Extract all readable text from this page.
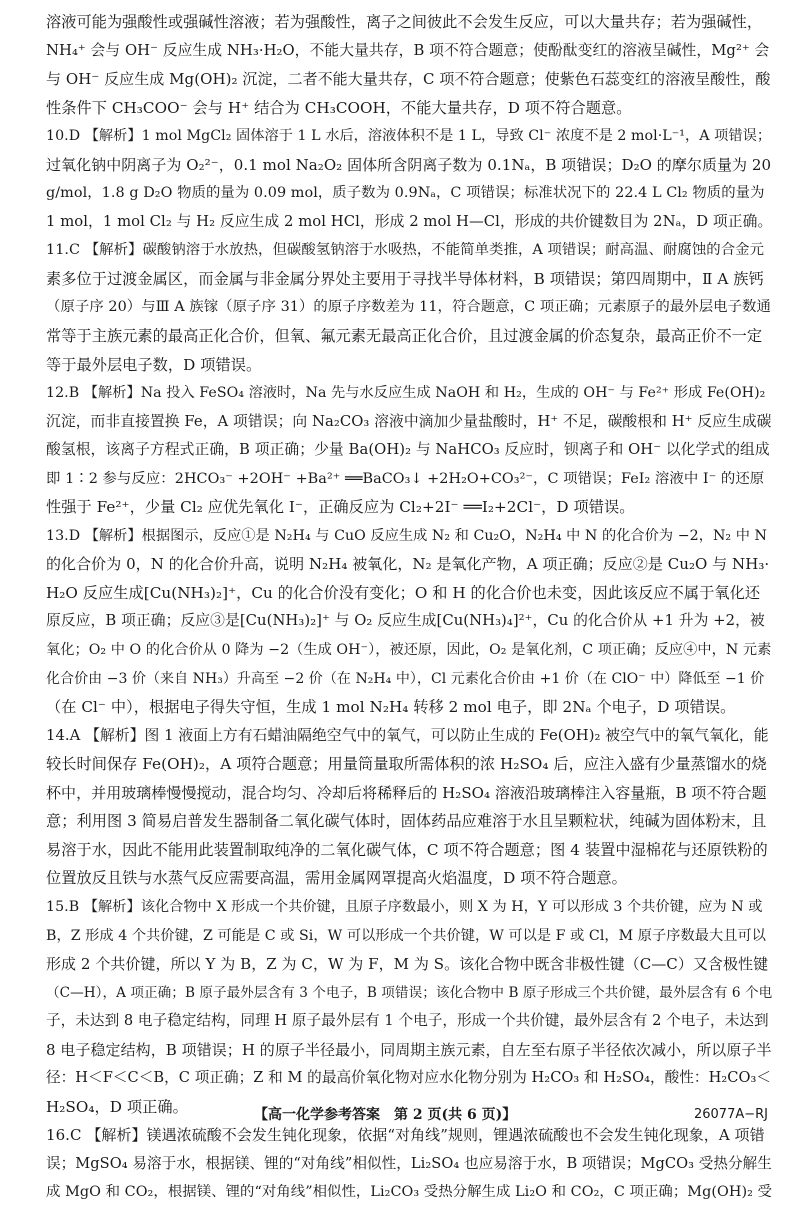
溶液可能为强酸性或强碱性溶液；若为强酸性，离子之间彼此不会发生反应，可以大量共存；若为强碱性，
NH₄⁺ 会与 OH⁻ 反应生成 NH₃·H₂O，不能大量共存，B 项不符合题意；使酚酞变红的溶液呈碱性，Mg²⁺ 会
与 OH⁻ 反应生成 Mg(OH)₂ 沉淀，二者不能大量共存，C 项不符合题意；使紫色石蕊变红的溶液呈酸性，酸
性条件下 CH₃COO⁻ 会与 H⁺ 结合为 CH₃COOH，不能大量共存，D 项不符合题意。
10.D 【解析】1 mol MgCl₂ 固体溶于 1 L 水后，溶液体积不是 1 L，导致 Cl⁻ 浓度不是 2 mol·L⁻¹，A 项错误；
过氧化钠中阴离子为 O₂²⁻，0.1 mol Na₂O₂ 固体所含阴离子数为 0.1Nₐ，B 项错误；D₂O 的摩尔质量为 20
g/mol，1.8 g D₂O 物质的量为 0.09 mol，质子数为 0.9Nₐ，C 项错误；标准状况下的 22.4 L Cl₂ 物质的量为
1 mol，1 mol Cl₂ 与 H₂ 反应生成 2 mol HCl，形成 2 mol H—Cl，形成的共价键数目为 2Nₐ，D 项正确。
11.C 【解析】碳酸钠溶于水放热，但碳酸氢钠溶于水吸热，不能简单类推，A 项错误；耐高温、耐腐蚀的合金元
素多位于过渡金属区，而金属与非金属分界处主要用于寻找半导体材料，B 项错误；第四周期中，Ⅱ A 族钙
（原子序 20）与Ⅲ A 族镓（原子序 31）的原子序数差为 11，符合题意，C 项正确；元素原子的最外层电子数通
常等于主族元素的最高正化合价，但氧、氟元素无最高正化合价，且过渡金属的价态复杂，最高正价不一定
等于最外层电子数，D 项错误。
12.B 【解析】Na 投入 FeSO₄ 溶液时，Na 先与水反应生成 NaOH 和 H₂，生成的 OH⁻ 与 Fe²⁺ 形成 Fe(OH)₂
沉淀，而非直接置换 Fe，A 项错误；向 Na₂CO₃ 溶液中滴加少量盐酸时，H⁺ 不足，碳酸根和 H⁺ 反应生成碳
酸氢根，该离子方程式正确，B 项正确；少量 Ba(OH)₂ 与 NaHCO₃ 反应时，钡离子和 OH⁻ 以化学式的组成
即 1∶2 参与反应：2HCO₃⁻ +2OH⁻ +Ba²⁺ ══BaCO₃↓ +2H₂O+CO₃²⁻，C 项错误；FeI₂ 溶液中 I⁻ 的还原
性强于 Fe²⁺，少量 Cl₂ 应优先氧化 I⁻，正确反应为 Cl₂+2I⁻ ══I₂+2Cl⁻，D 项错误。
13.D 【解析】根据图示，反应①是 N₂H₄ 与 CuO 反应生成 N₂ 和 Cu₂O，N₂H₄ 中 N 的化合价为 −2，N₂ 中 N
的化合价为 0，N 的化合价升高，说明 N₂H₄ 被氧化，N₂ 是氧化产物，A 项正确；反应②是 Cu₂O 与 NH₃·
H₂O 反应生成[Cu(NH₃)₂]⁺，Cu 的化合价没有变化；O 和 H 的化合价也未变，因此该反应不属于氧化还
原反应，B 项正确；反应③是[Cu(NH₃)₂]⁺ 与 O₂ 反应生成[Cu(NH₃)₄]²⁺，Cu 的化合价从 +1 升为 +2，被
氧化；O₂ 中 O 的化合价从 0 降为 −2（生成 OH⁻），被还原，因此，O₂ 是氧化剂，C 项正确；反应④中，N 元素
化合价由 −3 价（来自 NH₃）升高至 −2 价（在 N₂H₄ 中），Cl 元素化合价由 +1 价（在 ClO⁻ 中）降低至 −1 价
（在 Cl⁻ 中），根据电子得失守恒，生成 1 mol N₂H₄ 转移 2 mol 电子，即 2Nₐ 个电子，D 项错误。
14.A 【解析】图 1 液面上方有石蜡油隔绝空气中的氧气，可以防止生成的 Fe(OH)₂ 被空气中的氧气氧化，能
较长时间保存 Fe(OH)₂，A 项符合题意；用量筒量取所需体积的浓 H₂SO₄ 后，应注入盛有少量蒸馏水的烧
杯中，并用玻璃棒慢慢搅动，混合均匀、冷却后将稀释后的 H₂SO₄ 溶液沿玻璃棒注入容量瓶，B 项不符合题
意；利用图 3 简易启普发生器制备二氧化碳气体时，固体药品应难溶于水且呈颗粒状，纯碱为固体粉末，且
易溶于水，因此不能用此装置制取纯净的二氧化碳气体，C 项不符合题意；图 4 装置中湿棉花与还原铁粉的
位置放反且铁与水蒸气反应需要高温，需用金属网罩提高火焰温度，D 项不符合题意。
15.B 【解析】该化合物中 X 形成一个共价键，且原子序数最小，则 X 为 H，Y 可以形成 3 个共价键，应为 N 或
B，Z 形成 4 个共价键，Z 可能是 C 或 Si，W 可以形成一个共价键，W 可以是 F 或 Cl，M 原子序数最大且可以
形成 2 个共价键，所以 Y 为 B，Z 为 C，W 为 F，M 为 S。该化合物中既含非极性键（C—C）又含极性键
（C—H），A 项正确；B 原子最外层含有 3 个电子，B 项错误；该化合物中 B 原子形成三个共价键，最外层含有 6 个电
子，未达到 8 电子稳定结构，同理 H 原子最外层有 1 个电子，形成一个共价键，最外层含有 2 个电子，未达到
8 电子稳定结构，B 项错误；H 的原子半径最小，同周期主族元素，自左至右原子半径依次减小，所以原子半
径：H＜F＜C＜B，C 项正确；Z 和 M 的最高价氧化物对应水化物分别为 H₂CO₃ 和 H₂SO₄，酸性：H₂CO₃＜
H₂SO₄，D 项正确。
16.C 【解析】镁遇浓硫酸不会发生钝化现象，依据“对角线”规则，锂遇浓硫酸也不会发生钝化现象，A 项错
误；MgSO₄ 易溶于水，根据镁、锂的“对角线”相似性，Li₂SO₄ 也应易溶于水，B 项错误；MgCO₃ 受热分解生
成 MgO 和 CO₂，根据镁、锂的“对角线”相似性，Li₂CO₃ 受热分解生成 Li₂O 和 CO₂，C 项正确；Mg(OH)₂ 受
【高一化学参考答案　第 2 页(共 6 页)】	26077A−RJ
